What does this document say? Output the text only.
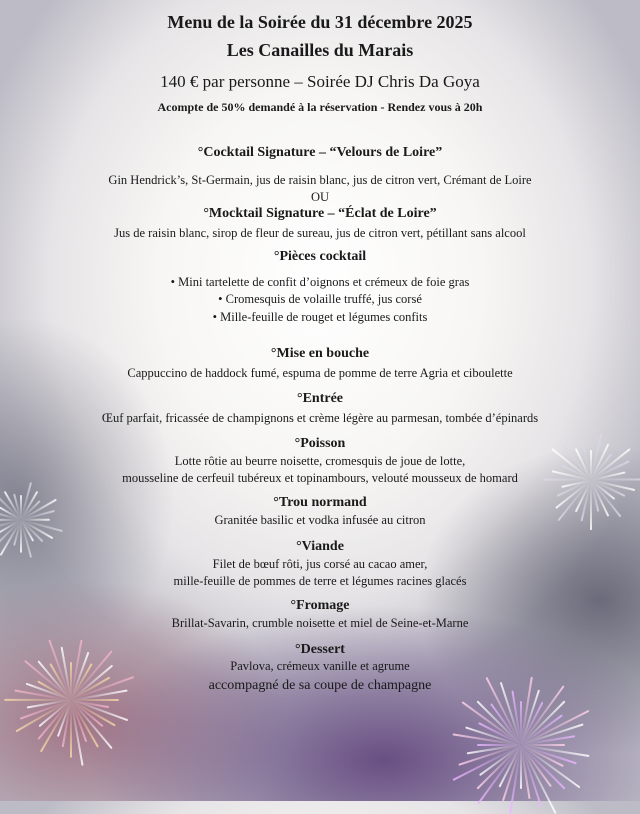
Menu de la Soirée du 31 décembre 2025
Les Canailles du Marais
140 € par personne – Soirée DJ Chris Da Goya
Acompte de 50% demandé à la réservation - Rendez vous à 20h
°Cocktail Signature – “Velours de Loire”
Gin Hendrick’s, St-Germain, jus de raisin blanc, jus de citron vert, Crémant de Loire
OU
°Mocktail Signature – “Éclat de Loire”
Jus de raisin blanc, sirop de fleur de sureau, jus de citron vert, pétillant sans alcool
°Pièces cocktail
• Mini tartelette de confit d’oignons et crémeux de foie gras
• Cromesquis de volaille truffé, jus corsé
• Mille-feuille de rouget et légumes confits
°Mise en bouche
Cappuccino de haddock fumé, espuma de pomme de terre Agria et ciboulette
°Entrée
Œuf parfait, fricassée de champignons et crème légère au parmesan, tombée d’épinards
°Poisson
Lotte rôtie au beurre noisette, cromesquis de joue de lotte,
mousseline de cerfeuil tubéreux et topinambours, velouté mousseux de homard
°Trou normand
Granitée basilic et vodka infusée au citron
°Viande
Filet de bœuf rôti, jus corsé au cacao amer,
mille-feuille de pommes de terre et légumes racines glacés
°Fromage
Brillat-Savarin, crumble noisette et miel de Seine-et-Marne
°Dessert
Pavlova, crémeux vanille et agrume
accompagné de sa coupe de champagne
